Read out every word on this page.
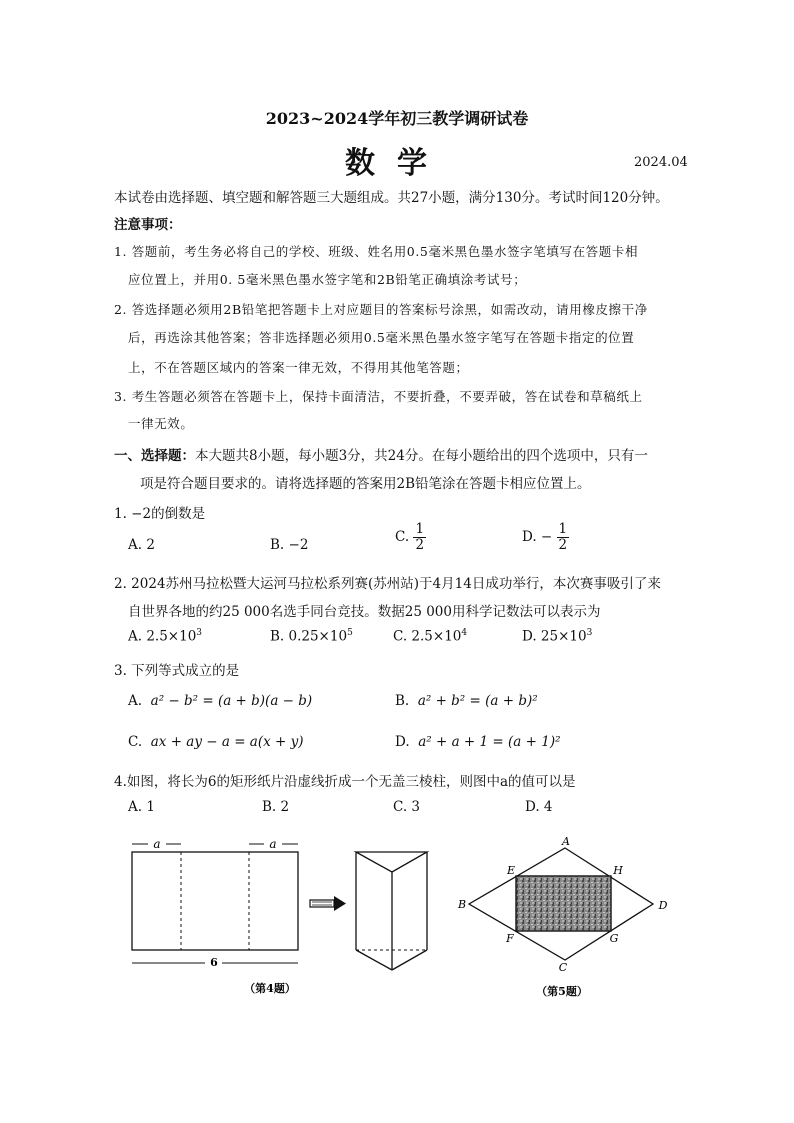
2023~2024学年初三教学调研试卷
数学	2024.04
本试卷由选择题、填空题和解答题三大题组成。共27小题，满分130分。考试时间120分钟。
注意事项：
1. 答题前，考生务必将自己的学校、班级、姓名用0.5毫米黑色墨水签字笔填写在答题卡相
应位置上，并用0. 5毫米黑色墨水签字笔和2B铅笔正确填涂考试号；
2. 答选择题必须用2B铅笔把答题卡上对应题目的答案标号涂黑，如需改动，请用橡皮擦干净
后，再选涂其他答案；答非选择题必须用0.5毫米黑色墨水签字笔写在答题卡指定的位置
上，不在答题区域内的答案一律无效，不得用其他笔答题；
3. 考生答题必须答在答题卡上，保持卡面清洁，不要折叠，不要弄破，答在试卷和草稿纸上
一律无效。
一、选择题：本大题共8小题，每小题3分，共24分。在每小题给出的四个选项中，只有一
项是符合题目要求的。请将选择题的答案用2B铅笔涂在答题卡相应位置上。
1. −2的倒数是
A. 2	B. −2
C. $\frac{1}{2}$	D. − $\frac{1}{2}$
2. 2024苏州马拉松暨大运河马拉松系列赛(苏州站)于4月14日成功举行，本次赛事吸引了来
自世界各地的约25 000名选手同台竞技。数据25 000用科学记数法可以表示为
A. $2.5\times 10^3$	B. $0.25\times 10^5$	C. $2.5\times 10^4$	D. $25\times 10^3$
3. 下列等式成立的是
A. a² − b² = (a + b)(a − b)	B. a² + b² = (a + b)²
C. ax + ay − a = a(x + y)	D. a² + a + 1 = (a + 1)²
4.如图，将长为6的矩形纸片沿虚线折成一个无盖三棱柱，则图中a的值可以是
A. 1	B. 2	C. 3	D. 4
a	a
6
（第4题）
A
B
C
D
E
F	G
H
（第5题）
